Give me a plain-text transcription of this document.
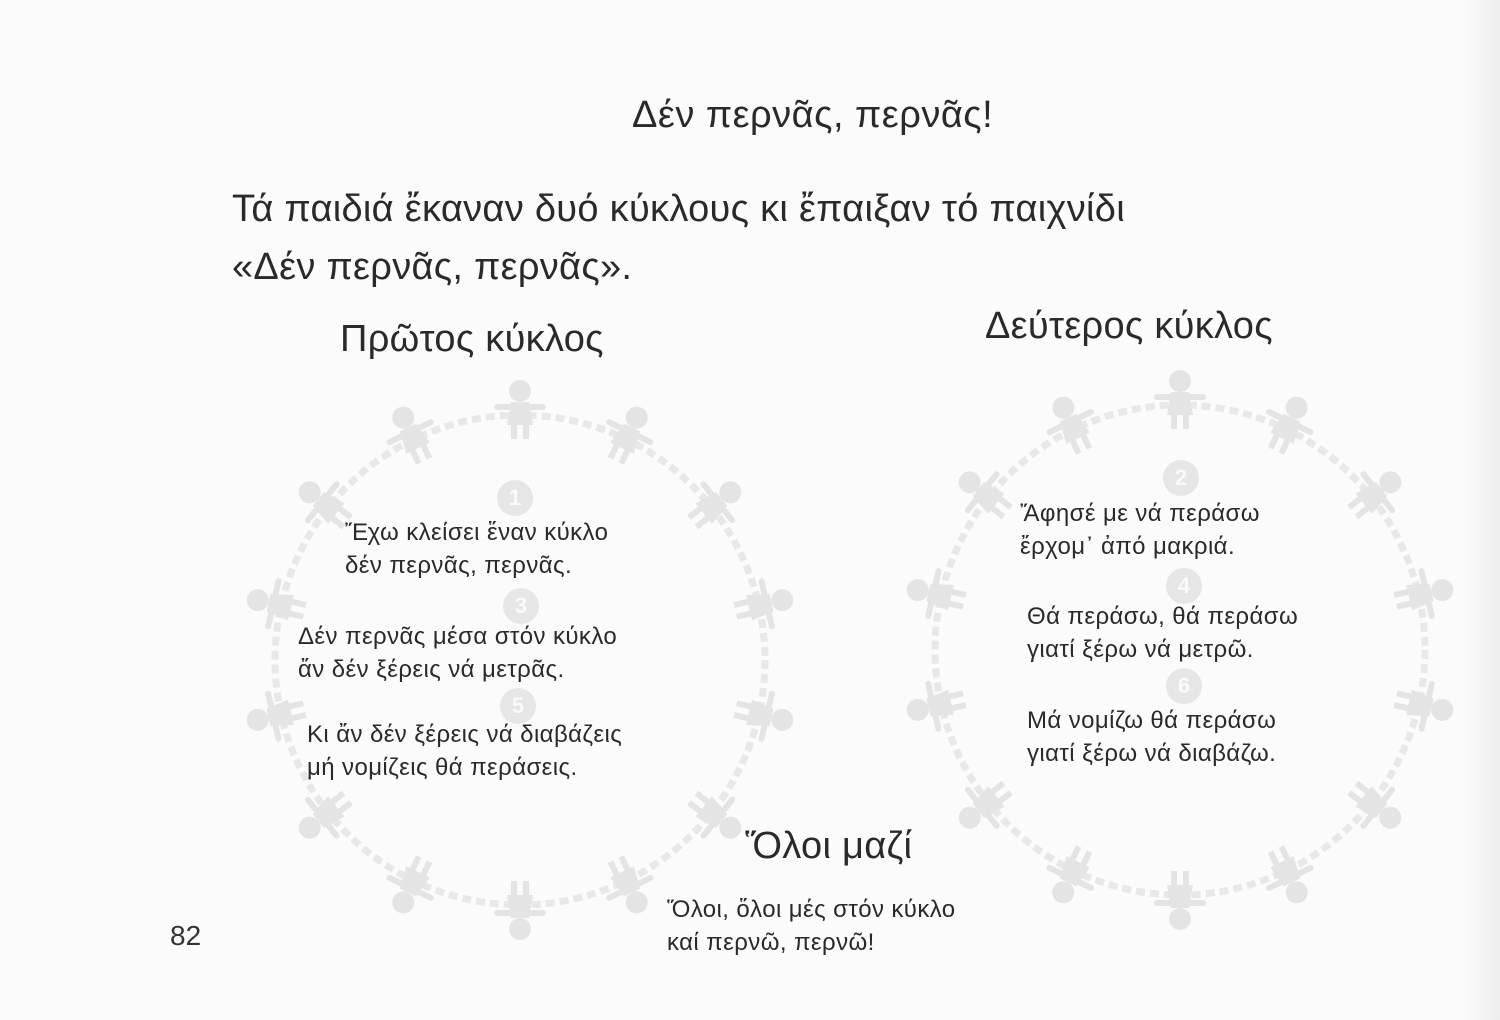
1
3
5
2
4
6
Δέν περνᾶς, περνᾶς!
Τά παιδιά ἔκαναν δυό κύκλους κι ἔπαιξαν τό παιχνίδι
«Δέν περνᾶς, περνᾶς».
Πρῶτος κύκλος	Δεύτερος κύκλος
Ἔχω κλείσει ἕναν κύκλο
δέν περνᾶς, περνᾶς.
Δέν περνᾶς μέσα στόν κύκλο
ἄν δέν ξέρεις νά μετρᾶς.
Κι ἄν δέν ξέρεις νά διαβάζεις
μή νομίζεις θά περάσεις.
Ἄφησέ με νά περάσω
ἔρχομ᾽ ἀπό μακριά.
Θά περάσω, θά περάσω
γιατί ξέρω νά μετρῶ.
Μά νομίζω θά περάσω
γιατί ξέρω νά διαβάζω.
Ὅλοι μαζί
Ὅλοι, ὅλοι μές στόν κύκλο
καί περνῶ, περνῶ!
82
